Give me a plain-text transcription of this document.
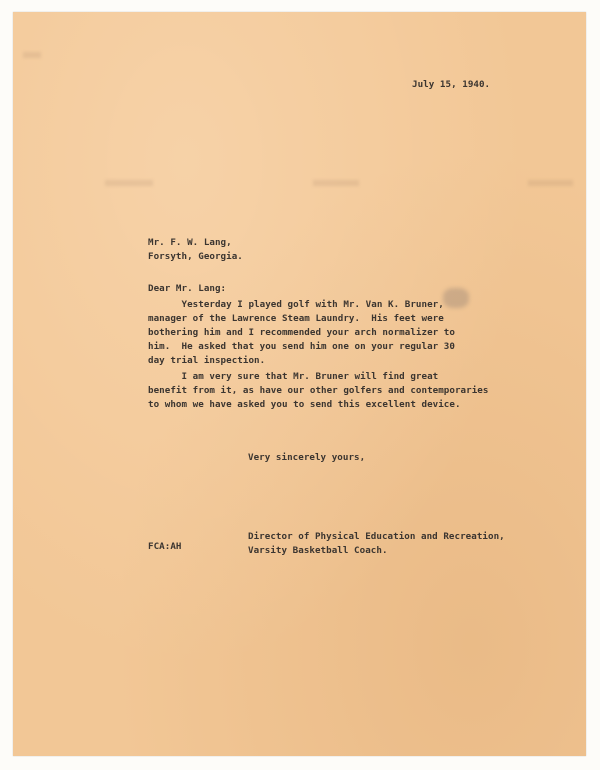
July 15, 1940.
Mr. F. W. Lang,
Forsyth, Georgia.
Dear Mr. Lang:
Yesterday I played golf with Mr. Van K. Bruner,
manager of the Lawrence Steam Laundry.  His feet were
bothering him and I recommended your arch normalizer to
him.  He asked that you send him one on your regular 30
day trial inspection.
I am very sure that Mr. Bruner will find great
benefit from it, as have our other golfers and contemporaries
to whom we have asked you to send this excellent device.
Very sincerely yours,
Director of Physical Education and Recreation,
Varsity Basketball Coach.
FCA:AH
